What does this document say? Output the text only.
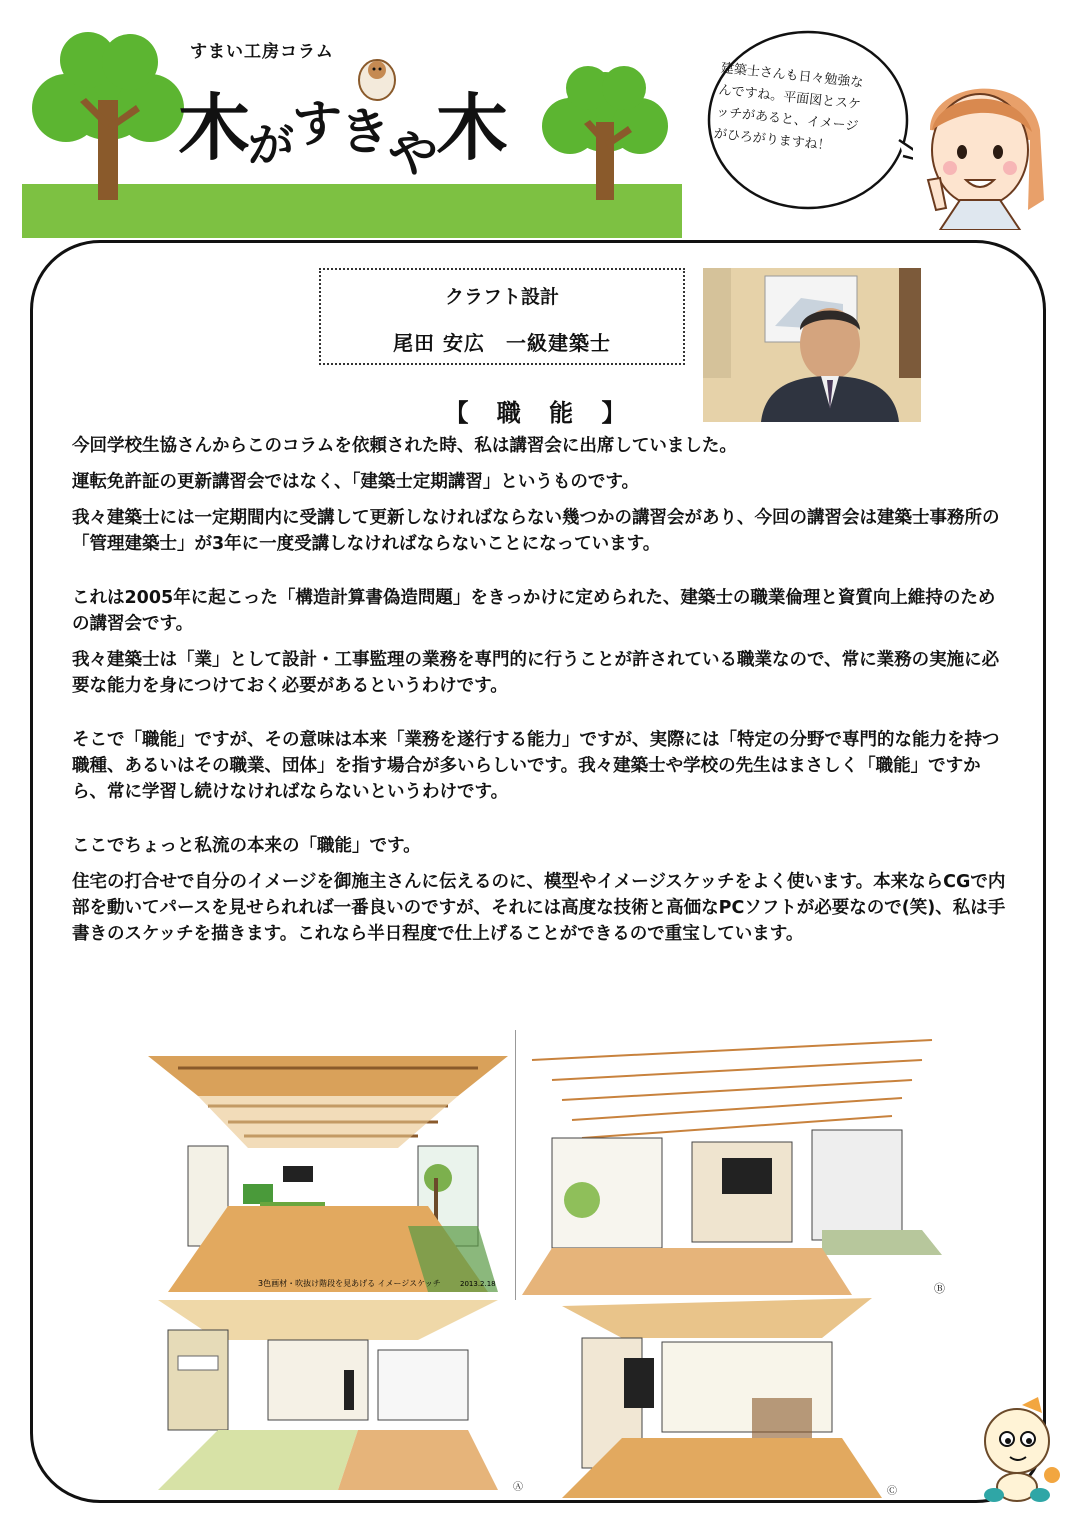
すまい工房コラム
木がすきや木
建築士さんも日々勉強なんですね。平面図とスケッチがあると、イメージがひろがりますね！
クラフト設計
尾田 安広　一級建築士
【 職 能 】

今回学校生協さんからこのコラムを依頼された時、私は講習会に出席していました。

運転免許証の更新講習会ではなく、「建築士定期講習」というものです。

我々建築士には一定期間内に受講して更新しなければならない幾つかの講習会があり、今回の講習会は建築士事務所の「管理建築士」が3年に一度受講しなければならないことになっています。

これは2005年に起こった「構造計算書偽造問題」をきっかけに定められた、建築士の職業倫理と資質向上維持のための講習会です。

我々建築士は「業」として設計・工事監理の業務を専門的に行うことが許されている職業なので、常に業務の実施に必要な能力を身につけておく必要があるというわけです。

そこで「職能」ですが、その意味は本来「業務を遂行する能力」ですが、実際には「特定の分野で専門的な能力を持つ職種、あるいはその職業、団体」を指す場合が多いらしいです。我々建築士や学校の先生はまさしく「職能」ですから、常に学習し続けなければならないというわけです。

ここでちょっと私流の本来の「職能」です。

住宅の打合せで自分のイメージを御施主さんに伝えるのに、模型やイメージスケッチをよく使います。本来ならCGで内部を動いてパースを見せられれば一番良いのですが、それには高度な技術と高価なPCソフトが必要なので(笑)、私は手書きのスケッチを描きます。これなら半日程度で仕上げることができるので重宝しています。

3色画材・吹抜け階段を見あげる イメージスケッチ	2013.2.18	Ⓑ
Ⓐ	Ⓒ
